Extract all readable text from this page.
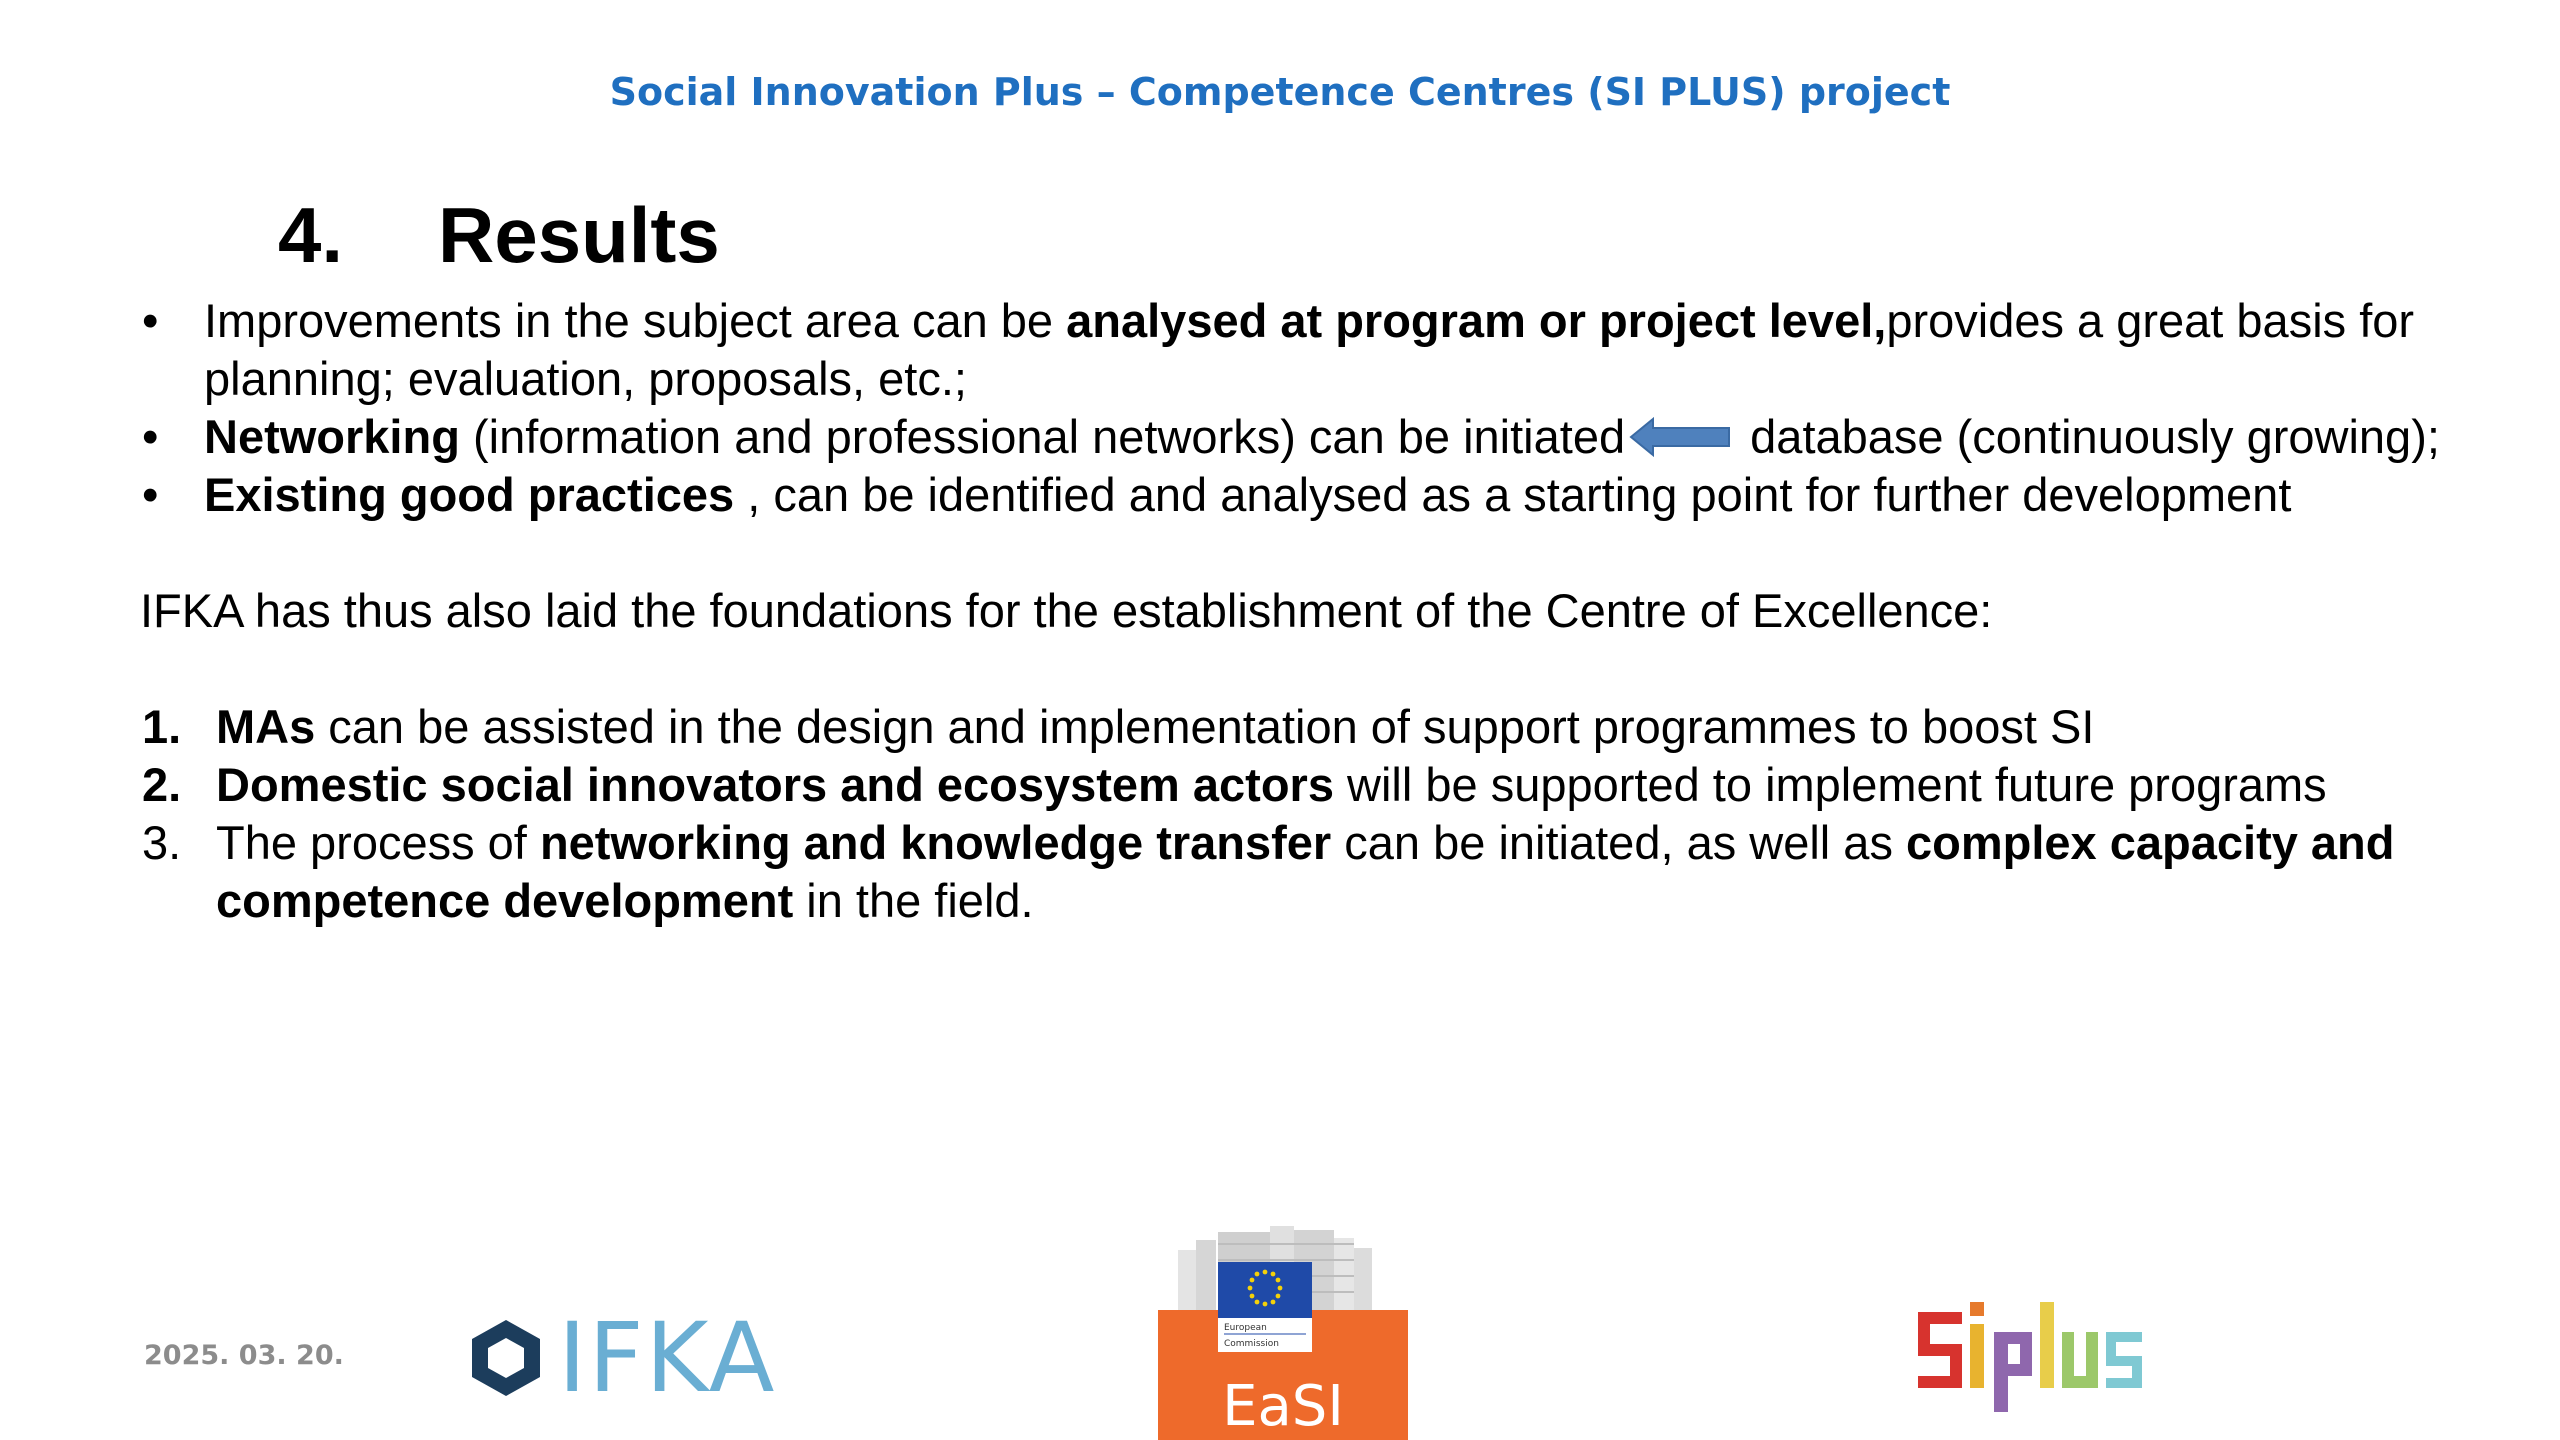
Social Innovation Plus – Competence Centres (SI PLUS) project
4.	Results
• Improvements in the subject area can be analysed at program or project level,provides a great basis for planning; evaluation, proposals, etc.;
• Networking (information and professional networks) can be initiated database (continuously growing);
• Existing good practices , can be identified and analysed as a starting point for further development
IFKA has thus also laid the foundations for the establishment of the Centre of Excellence:
1. MAs can be assisted in the design and implementation of support programmes to boost SI
2. Domestic social innovators and ecosystem actors will be supported to implement future programs
3. The process of networking and knowledge transfer can be initiated, as well as complex capacity and competence development in the field.
2025. 03. 20. IFKA	European
Commission
EaSI
